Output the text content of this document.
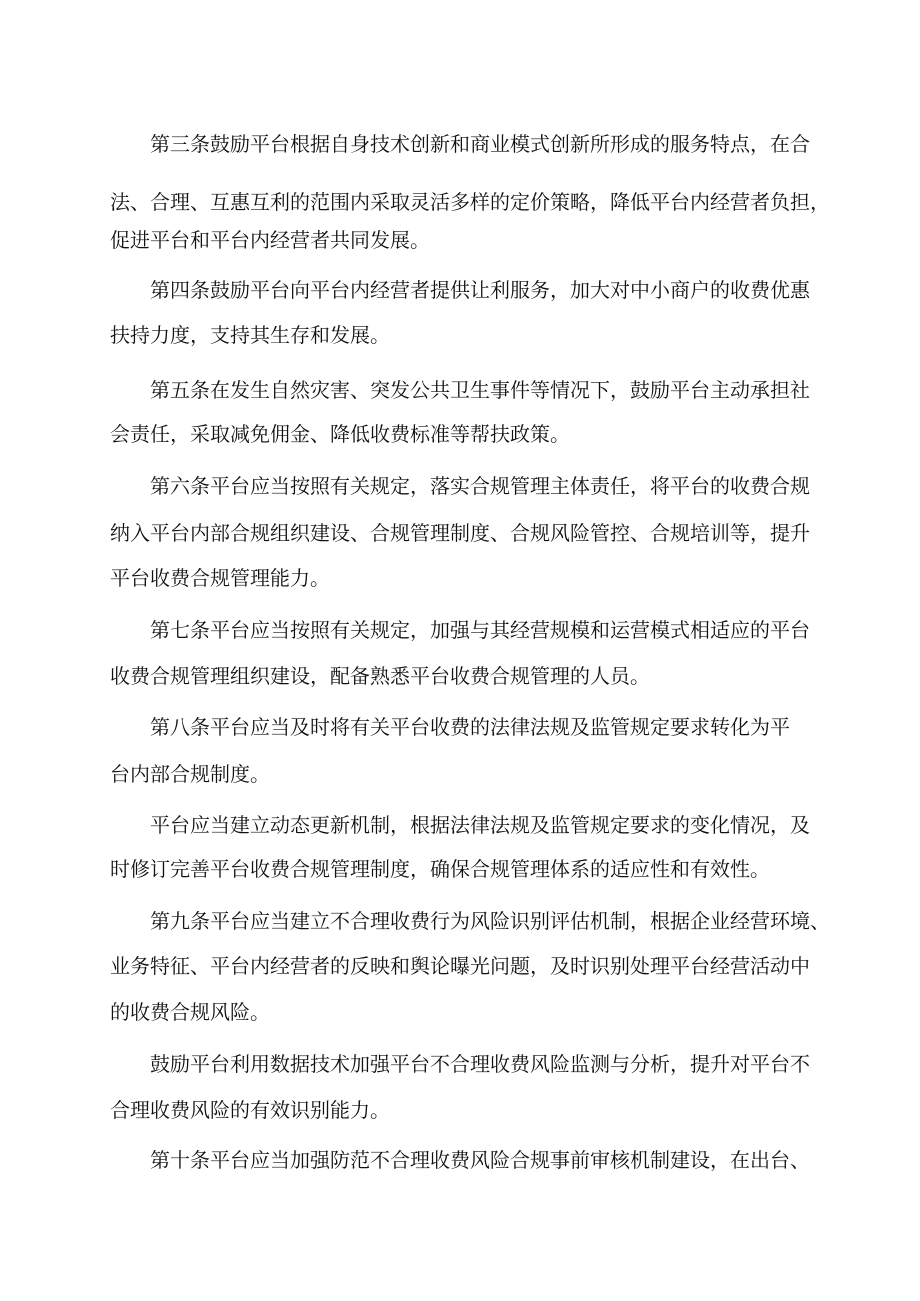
第三条鼓励平台根据自身技术创新和商业模式创新所形成的服务特点，在合

法、合理、互惠互利的范围内采取灵活多样的定价策略，降低平台内经营者负担，

促进平台和平台内经营者共同发展。

第四条鼓励平台向平台内经营者提供让利服务，加大对中小商户的收费优惠

扶持力度，支持其生存和发展。

第五条在发生自然灾害、突发公共卫生事件等情况下，鼓励平台主动承担社

会责任，采取减免佣金、降低收费标准等帮扶政策。

第六条平台应当按照有关规定，落实合规管理主体责任，将平台的收费合规

纳入平台内部合规组织建设、合规管理制度、合规风险管控、合规培训等，提升

平台收费合规管理能力。

第七条平台应当按照有关规定，加强与其经营规模和运营模式相适应的平台

收费合规管理组织建设，配备熟悉平台收费合规管理的人员。

第八条平台应当及时将有关平台收费的法律法规及监管规定要求转化为平

台内部合规制度。

平台应当建立动态更新机制，根据法律法规及监管规定要求的变化情况，及

时修订完善平台收费合规管理制度，确保合规管理体系的适应性和有效性。

第九条平台应当建立不合理收费行为风险识别评估机制，根据企业经营环境、

业务特征、平台内经营者的反映和舆论曝光问题，及时识别处理平台经营活动中

的收费合规风险。

鼓励平台利用数据技术加强平台不合理收费风险监测与分析，提升对平台不

合理收费风险的有效识别能力。

第十条平台应当加强防范不合理收费风险合规事前审核机制建设，在出台、
